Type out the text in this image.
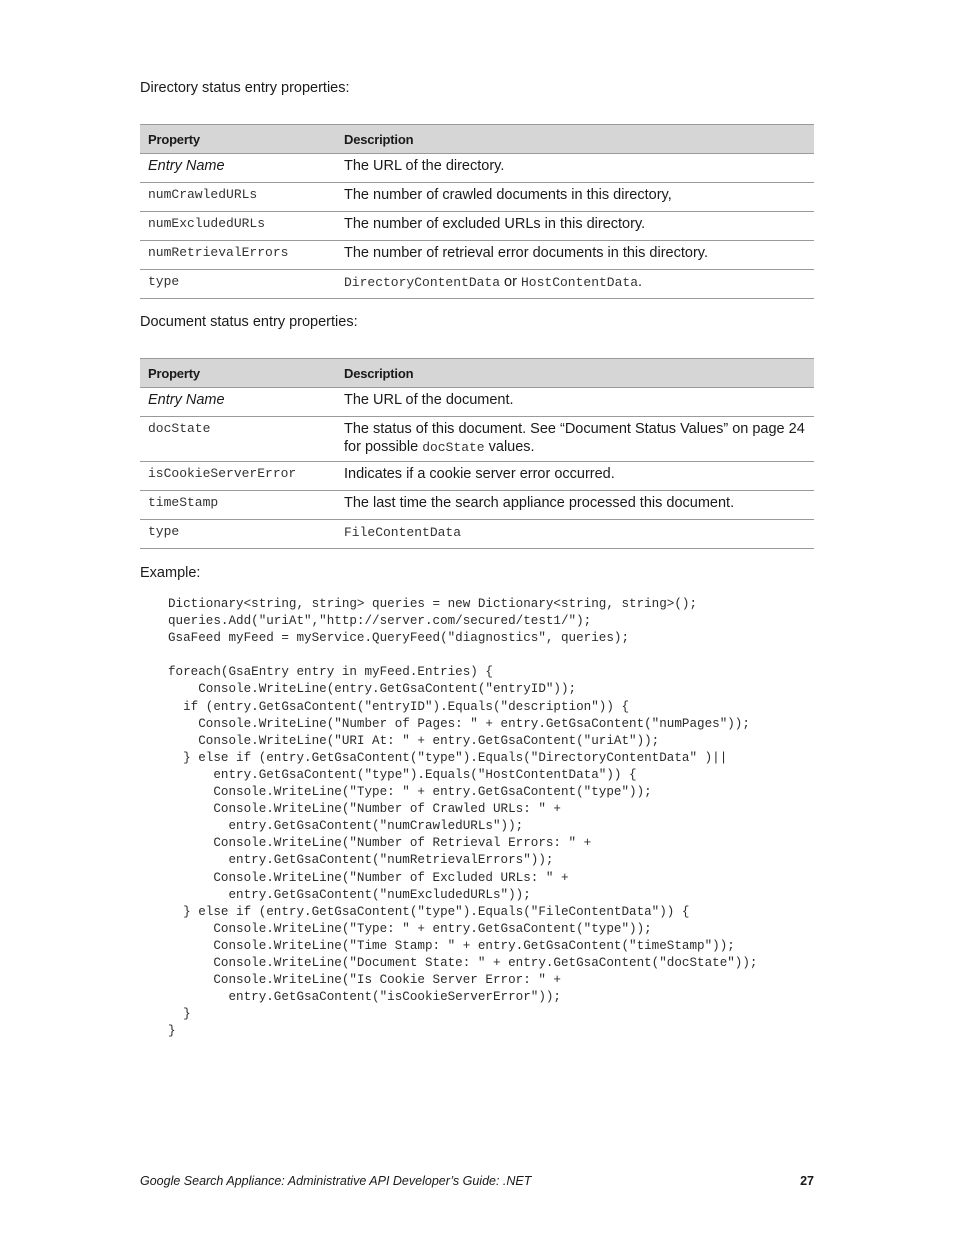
Directory status entry properties:
Property	Description
Entry Name	The URL of the directory.
numCrawledURLs	The number of crawled documents in this directory,
numExcludedURLs	The number of excluded URLs in this directory.
numRetrievalErrors	The number of retrieval error documents in this directory.
type	DirectoryContentData or HostContentData.
Document status entry properties:
Property	Description
Entry Name	The URL of the document.
docState	The status of this document. See “Document Status Values” on page 24 for possible docState values.
isCookieServerError	Indicates if a cookie server error occurred.
timeStamp	The last time the search appliance processed this document.
type	FileContentData
Example:
Dictionary<string, string> queries = new Dictionary<string, string>();
queries.Add("uriAt","http://server.com/secured/test1/");
GsaFeed myFeed = myService.QueryFeed("diagnostics", queries);

foreach(GsaEntry entry in myFeed.Entries) {
Console.WriteLine(entry.GetGsaContent("entryID"));
if (entry.GetGsaContent("entryID").Equals("description")) {
Console.WriteLine("Number of Pages: " + entry.GetGsaContent("numPages"));
Console.WriteLine("URI At: " + entry.GetGsaContent("uriAt"));
} else if (entry.GetGsaContent("type").Equals("DirectoryContentData" )||
entry.GetGsaContent("type").Equals("HostContentData")) {
Console.WriteLine("Type: " + entry.GetGsaContent("type"));
Console.WriteLine("Number of Crawled URLs: " +
entry.GetGsaContent("numCrawledURLs"));
Console.WriteLine("Number of Retrieval Errors: " +
entry.GetGsaContent("numRetrievalErrors"));
Console.WriteLine("Number of Excluded URLs: " +
entry.GetGsaContent("numExcludedURLs"));
} else if (entry.GetGsaContent("type").Equals("FileContentData")) {
Console.WriteLine("Type: " + entry.GetGsaContent("type"));
Console.WriteLine("Time Stamp: " + entry.GetGsaContent("timeStamp"));
Console.WriteLine("Document State: " + entry.GetGsaContent("docState"));
Console.WriteLine("Is Cookie Server Error: " +
entry.GetGsaContent("isCookieServerError"));
}
}
Google Search Appliance: Administrative API Developer’s Guide: .NET	27
